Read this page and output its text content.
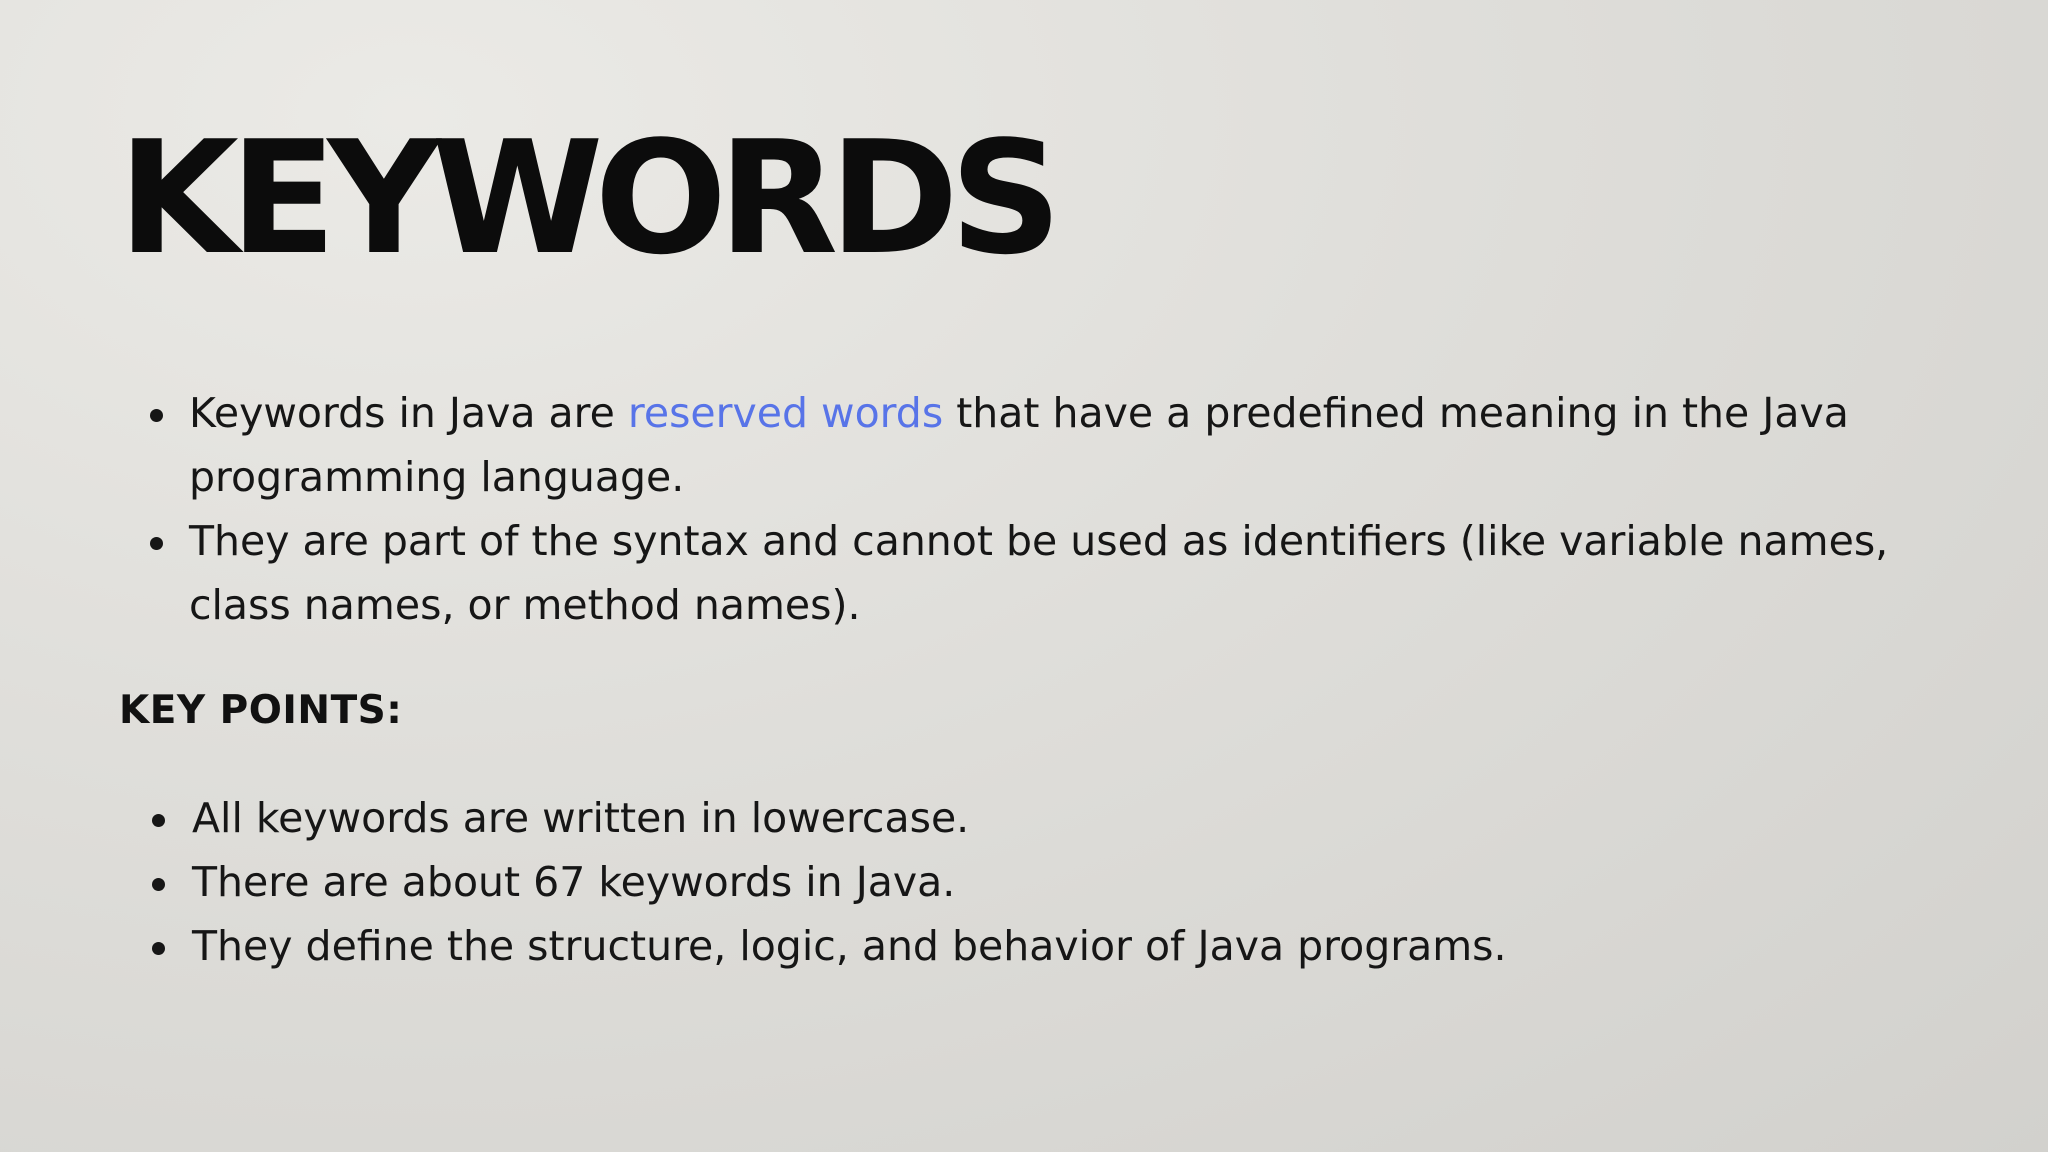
KEYWORDS
Keywords in Java are reserved words that have a predefined meaning in the Java programming language.
They are part of the syntax and cannot be used as identifiers (like variable names, class names, or method names).
KEY POINTS:
All keywords are written in lowercase.
There are about 67 keywords in Java.
They define the structure, logic, and behavior of Java programs.
